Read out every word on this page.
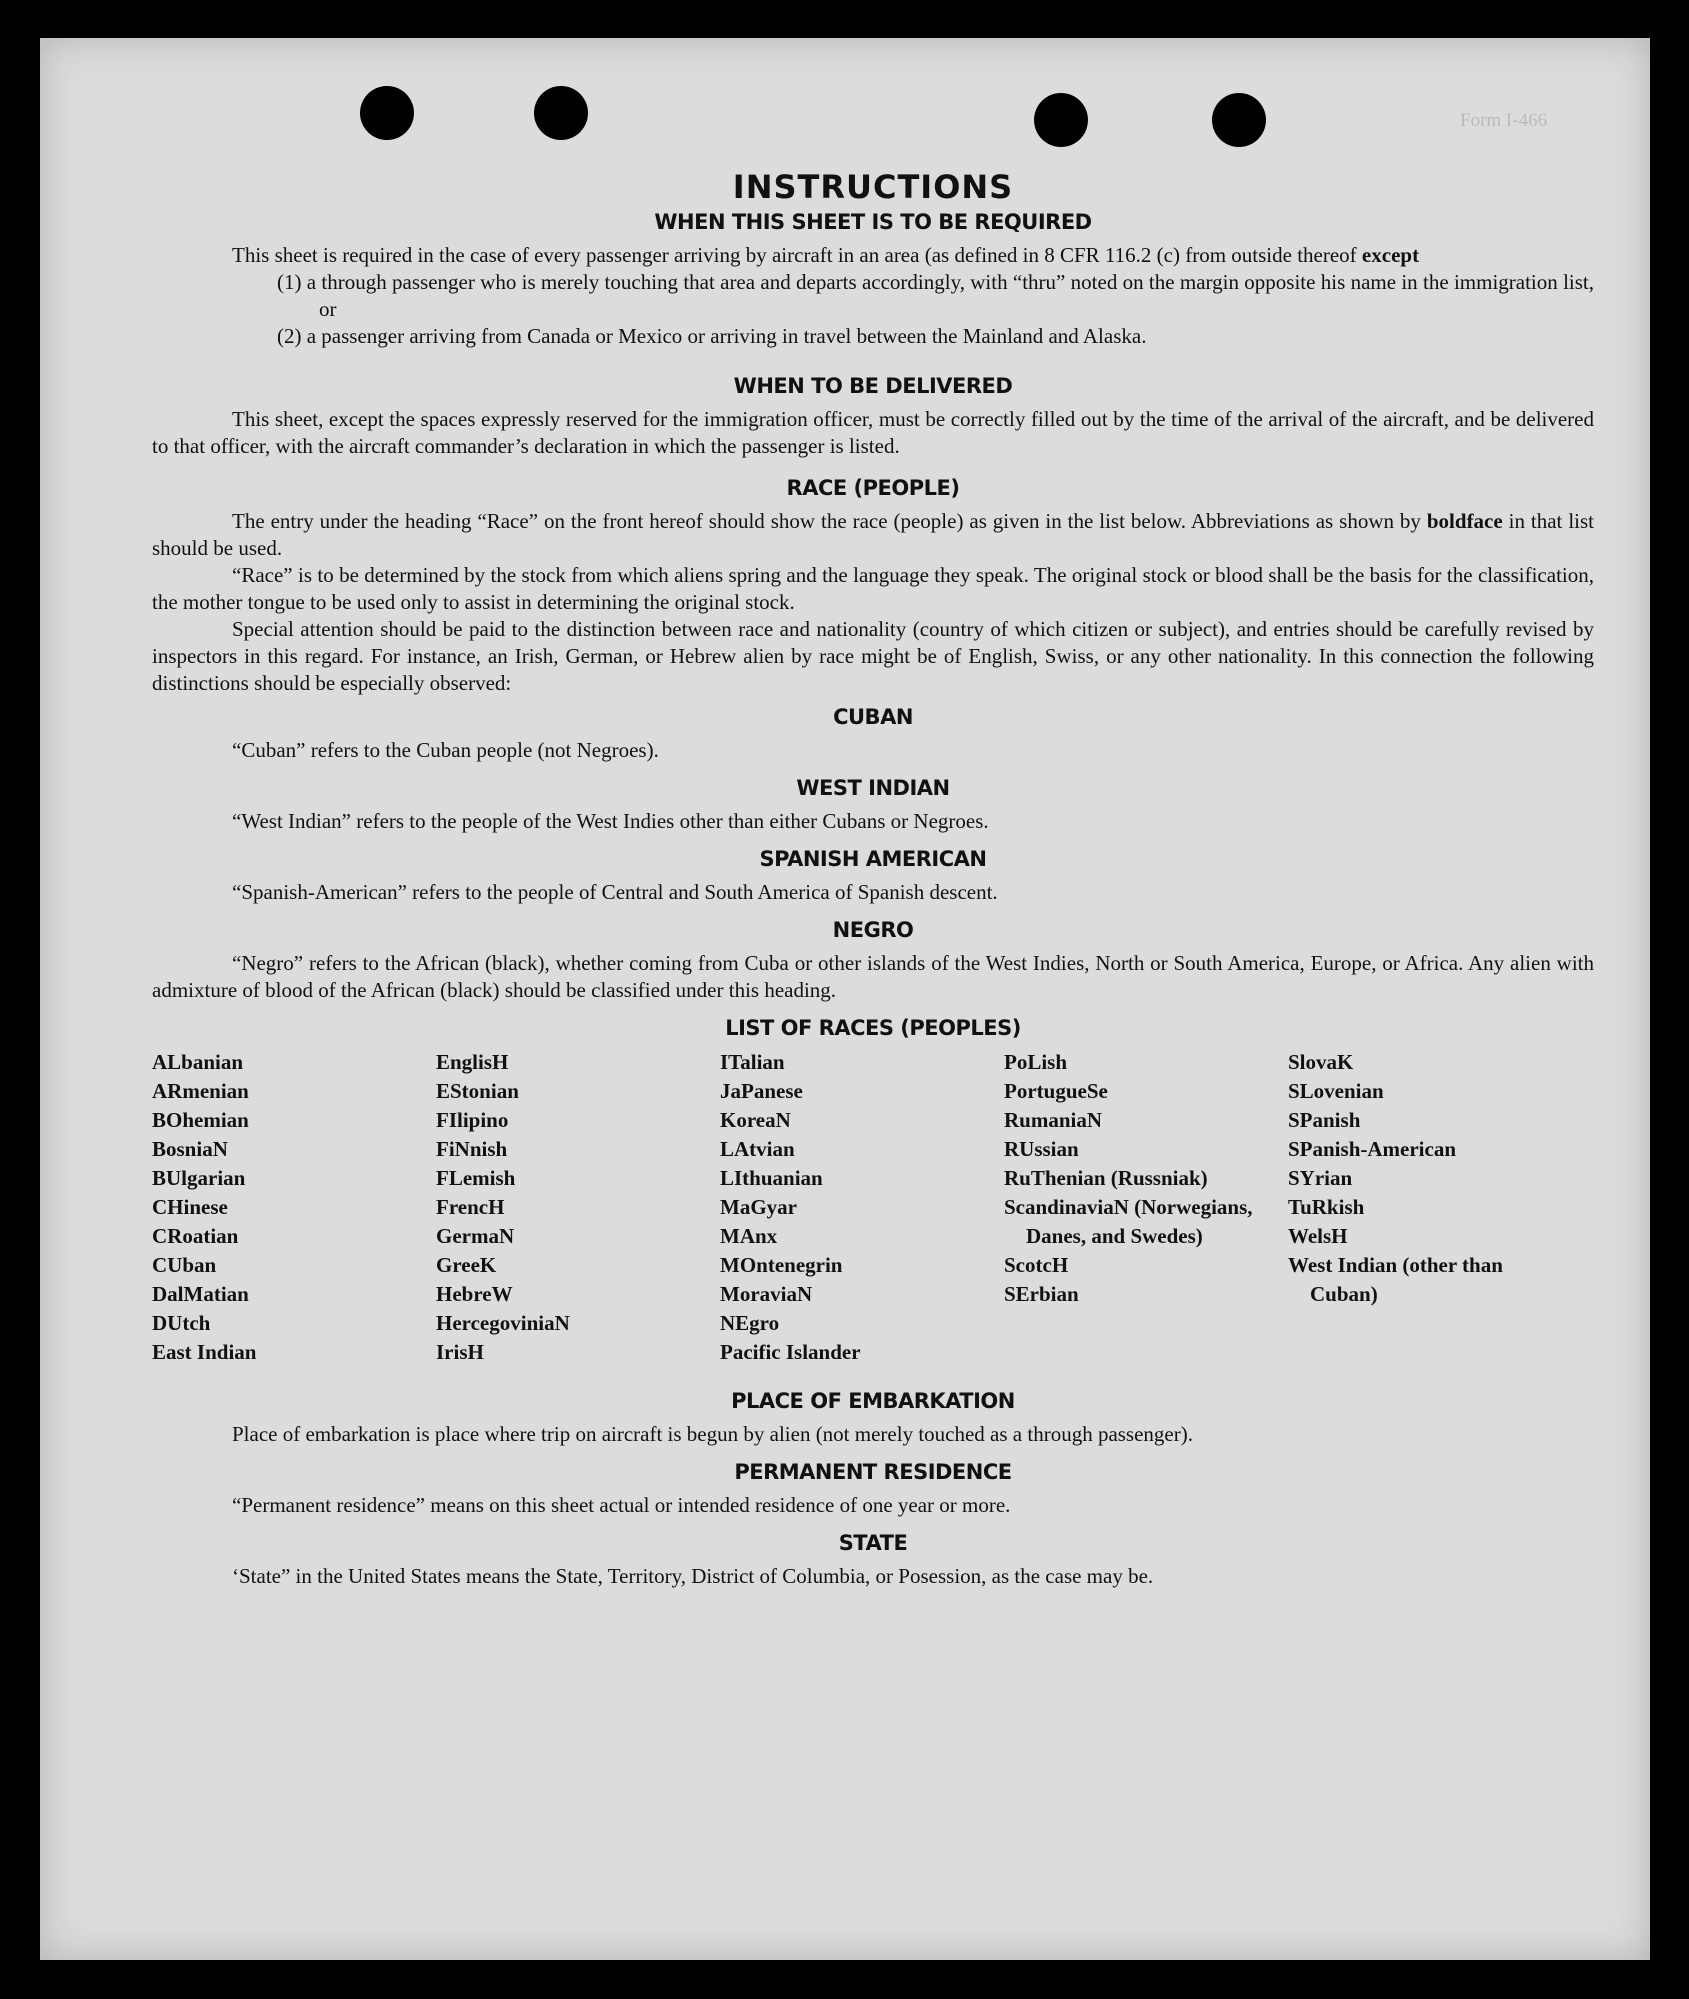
Form I-466
INSTRUCTIONS
WHEN THIS SHEET IS TO BE REQUIRED

This sheet is required in the case of every passenger arriving by aircraft in an area (as defined in 8 CFR 116.2 (c) from outside thereof except

(1) a through passenger who is merely touching that area and departs accordingly, with “thru” noted on the margin opposite his name in the immigration list, or
(2) a passenger arriving from Canada or Mexico or arriving in travel between the Mainland and Alaska.
WHEN TO BE DELIVERED

This sheet, except the spaces expressly reserved for the immigration officer, must be correctly filled out by the time of the arrival of the aircraft, and be delivered to that officer, with the aircraft commander’s declaration in which the passenger is listed.

RACE (PEOPLE)

The entry under the heading “Race” on the front hereof should show the race (people) as given in the list below. Abbreviations as shown by boldface in that list should be used.

“Race” is to be determined by the stock from which aliens spring and the language they speak. The original stock or blood shall be the basis for the classification, the mother tongue to be used only to assist in determining the original stock.

Special attention should be paid to the distinction between race and nationality (country of which citizen or subject), and entries should be carefully revised by inspectors in this regard. For instance, an Irish, German, or Hebrew alien by race might be of English, Swiss, or any other nationality. In this connection the following distinctions should be especially observed:

CUBAN

“Cuban” refers to the Cuban people (not Negroes).

WEST INDIAN

“West Indian” refers to the people of the West Indies other than either Cubans or Negroes.

SPANISH AMERICAN

“Spanish-American” refers to the people of Central and South America of Spanish descent.

NEGRO

“Negro” refers to the African (black), whether coming from Cuba or other islands of the West Indies, North or South America, Europe, or Africa. Any alien with admixture of blood of the African (black) should be classified under this heading.

LIST OF RACES (PEOPLES)
ALbanian
ARmenian
BOhemian
BosniaN
BUlgarian
CHinese
CRoatian
CUban
DalMatian
DUtch
East Indian
EnglisH
EStonian
FIlipino
FiNnish
FLemish
FrencH
GermaN
GreeK
HebreW
HercegoviniaN
IrisH
ITalian
JaPanese
KoreaN
LAtvian
LIthuanian
MaGyar
MAnx
MOntenegrin
MoraviaN
NEgro
Pacific Islander
PoLish
PortugueSe
RumaniaN
RUssian
RuThenian (Russniak)
ScandinaviaN (Norwegians, Danes, and Swedes)
ScotcH
SErbian
SlovaK
SLovenian
SPanish
SPanish-American
SYrian
TuRkish
WelsH
West Indian (other than Cuban)
PLACE OF EMBARKATION

Place of embarkation is place where trip on aircraft is begun by alien (not merely touched as a through passenger).

PERMANENT RESIDENCE

“Permanent residence” means on this sheet actual or intended residence of one year or more.

STATE

‘State” in the United States means the State, Territory, District of Columbia, or Posession, as the case may be.
